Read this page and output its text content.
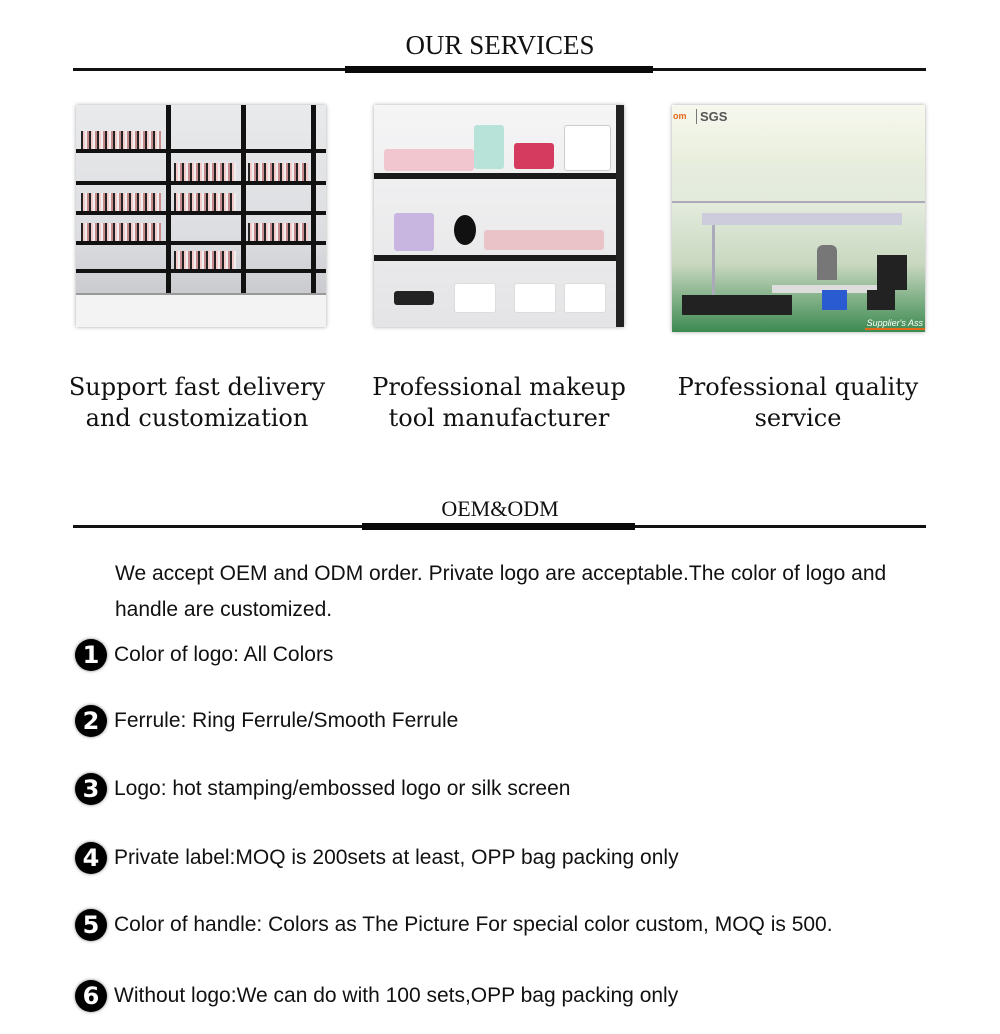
OUR SERVICES
Support fast delivery
and customization
Professional makeup
tool manufacturer
om	SGS
Supplier's Ass
Professional quality
service
OEM&ODM
We accept OEM and ODM order. Private logo are acceptable.The color of logo and handle are customized.
1 Color of logo: All Colors
2 Ferrule: Ring Ferrule/Smooth Ferrule
3 Logo: hot stamping/embossed logo or silk screen
4 Private label:MOQ is 200sets at least, OPP bag packing only
5 Color of handle: Colors as The Picture For special color custom, MOQ is 500.
6 Without logo:We can do with 100 sets,OPP bag packing only
